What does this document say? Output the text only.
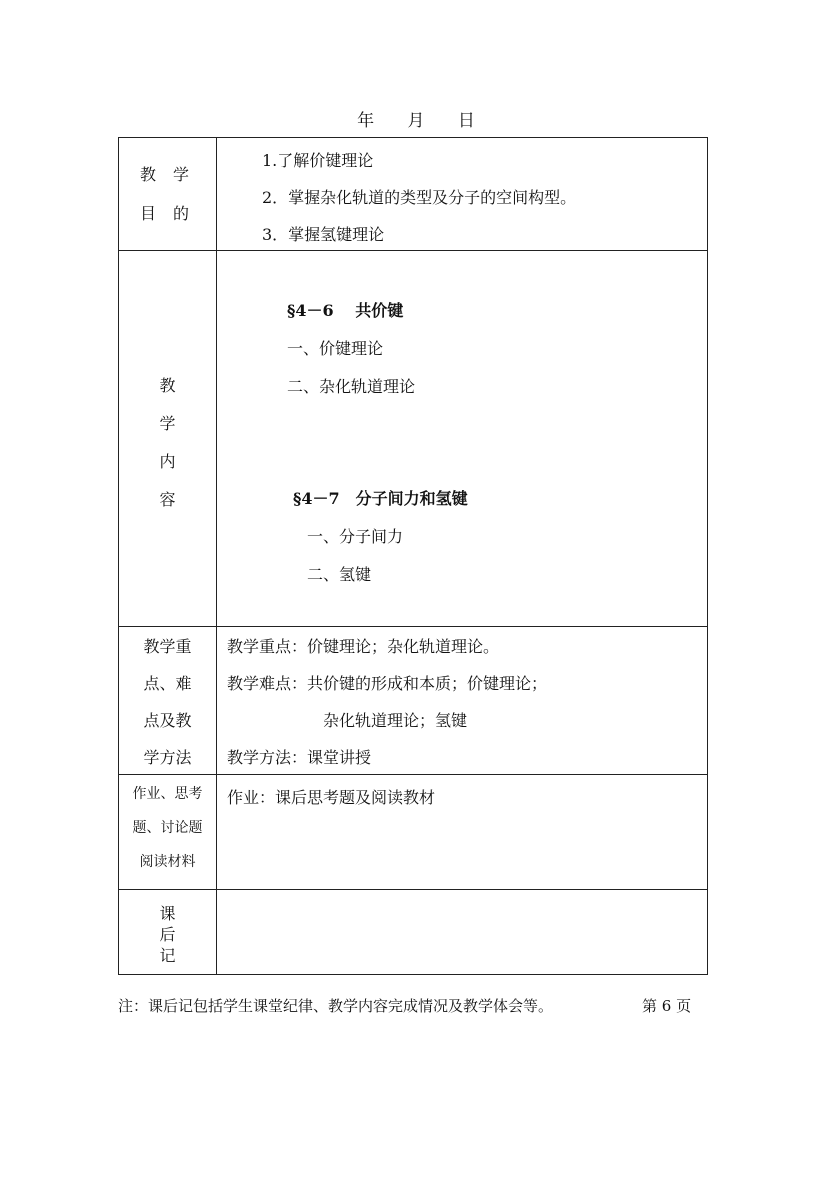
年 月 日
教 学
目 的
1.了解价键理论
2．掌握杂化轨道的类型及分子的空间构型。
3．掌握氢键理论
教
学
内
容
§4－6　 共价键
一、价键理论
二、杂化轨道理论
§4－7　分子间力和氢键
一、分子间力
二、氢键
教学重
点、难
点及教
学方法
教学重点：价键理论；杂化轨道理论。
教学难点：共价键的形成和本质；价键理论；
杂化轨道理论；氢键
教学方法：课堂讲授
作业、思考
题、讨论题
阅读材料
作业：课后思考题及阅读教材
课
后
记
注：课后记包括学生课堂纪律、教学内容完成情况及教学体会等。	第 6 页
